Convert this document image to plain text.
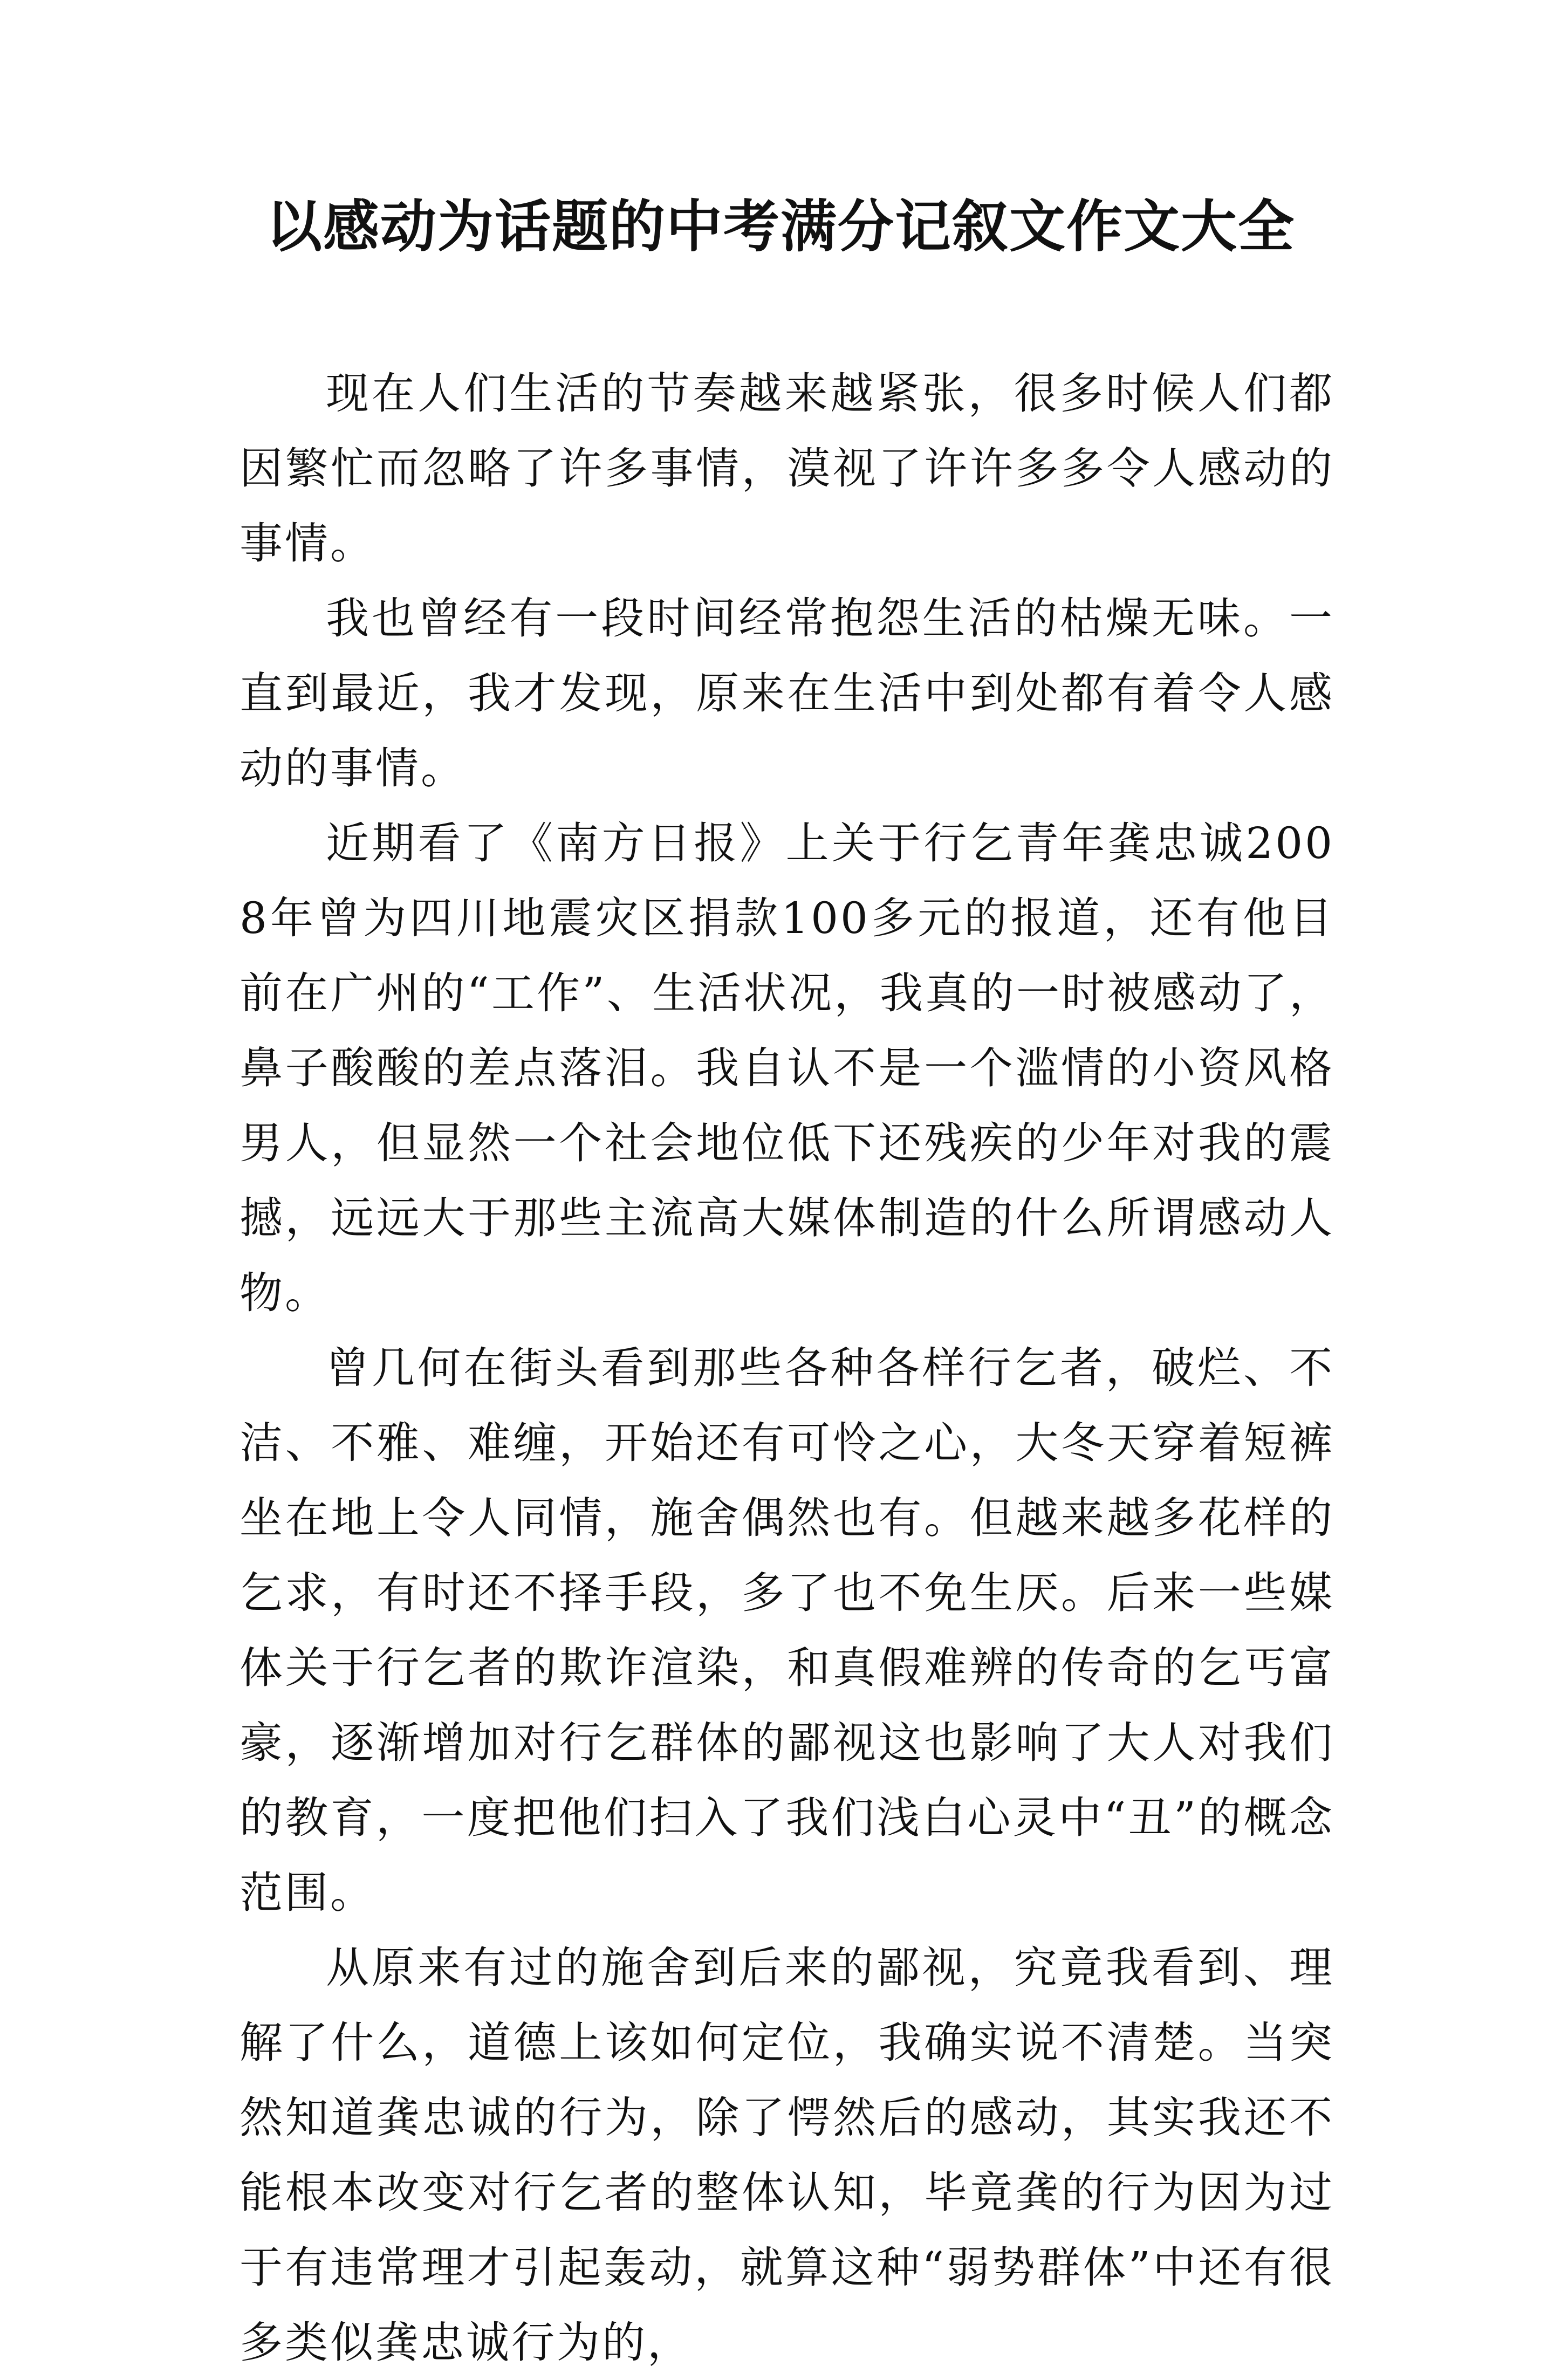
以感动为话题的中考满分记叙文作文大全

现在人们生活的节奏越来越紧张，很多时候人们都因繁忙而忽略了许多事情，漠视了许许多多令人感动的事情。

我也曾经有一段时间经常抱怨生活的枯燥无味。一直到最近，我才发现，原来在生活中到处都有着令人感动的事情。

近期看了《南方日报》上关于行乞青年龚忠诚2008年曾为四川地震灾区捐款100多元的报道，还有他目前在广州的“工作”、生活状况，我真的一时被感动了，鼻子酸酸的差点落泪。我自认不是一个滥情的小资风格男人，但显然一个社会地位低下还残疾的少年对我的震撼，远远大于那些主流高大媒体制造的什么所谓感动人物。

曾几何在街头看到那些各种各样行乞者，破烂、不洁、不雅、难缠，开始还有可怜之心，大冬天穿着短裤坐在地上令人同情，施舍偶然也有。但越来越多花样的乞求，有时还不择手段，多了也不免生厌。后来一些媒体关于行乞者的欺诈渲染，和真假难辨的传奇的乞丐富豪，逐渐增加对行乞群体的鄙视这也影响了大人对我们的教育，一度把他们扫入了我们浅白心灵中“丑”的概念范围。

从原来有过的施舍到后来的鄙视，究竟我看到、理解了什么，道德上该如何定位，我确实说不清楚。当突然知道龚忠诚的行为，除了愕然后的感动，其实我还不能根本改变对行乞者的整体认知，毕竟龚的行为因为过于有违常理才引起轰动，就算这种“弱势群体”中还有很多类似龚忠诚行为的，
